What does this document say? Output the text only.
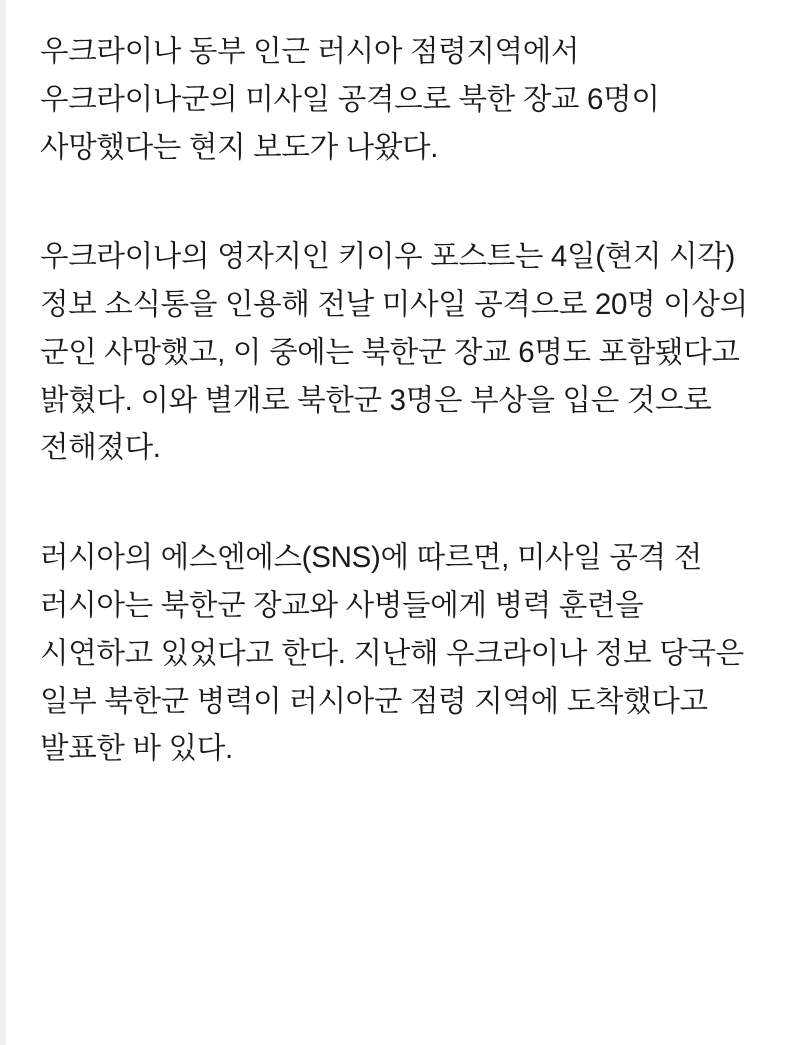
우크라이나 동부 인근 러시아 점령지역에서 우크라이나군의 미사일 공격으로 북한 장교 6명이 사망했다는 현지 보도가 나왔다.

우크라이나의 영자지인 키이우 포스트는 4일(현지 시각) 정보 소식통을 인용해 전날 미사일 공격으로 20명 이상의 군인 사망했고, 이 중에는 북한군 장교 6명도 포함됐다고 밝혔다. 이와 별개로 북한군 3명은 부상을 입은 것으로 전해졌다.

러시아의 에스엔에스(SNS)에 따르면, 미사일 공격 전 러시아는 북한군 장교와 사병들에게 병력 훈련을 시연하고 있었다고 한다. 지난해 우크라이나 정보 당국은 일부 북한군 병력이 러시아군 점령 지역에 도착했다고 발표한 바 있다.
